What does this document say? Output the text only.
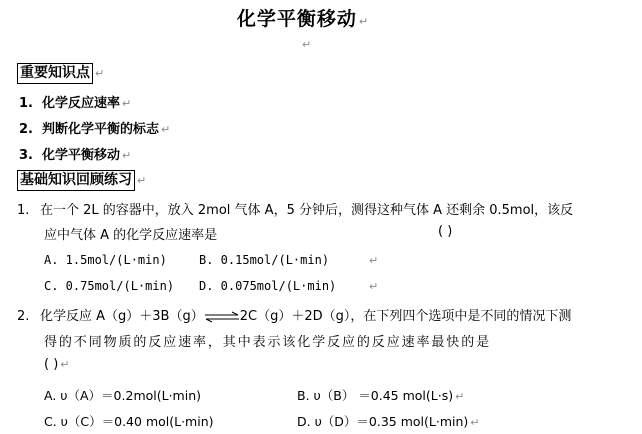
化学平衡移动 ↵
↵
重要知识点 ↵
1. 化学反应速率 ↵
2. 判断化学平衡的标志 ↵
3. 化学平衡移动 ↵
基础知识回顾练习 ↵
1. 在一个 2L 的容器中，放入 2mol 气体 A，5 分钟后，测得这种气体 A 还剩余 0.5mol，该反
应中气体 A 的化学反应速率是	( )
A. 1.5mol/(L·min)	B. 0.15mol/(L·min)	↵
C. 0.75mol/(L·min) D. 0.075mol/(L·min)	↵
2. 化学反应 A（g）＋3B（g）⇌2C（g）＋2D（g），在下列四个选项中是不同的情况下测
得的不同物质的反应速率，其中表示该化学反应的反应速率最快的是
( ) ↵
A. υ（A）＝0.2mol(L·min)	B. υ（B） ＝0.45 mol(L·s) ↵
C. υ（C）＝0.40 mol(L·min)	D. υ（D）＝0.35 mol(L·min) ↵
